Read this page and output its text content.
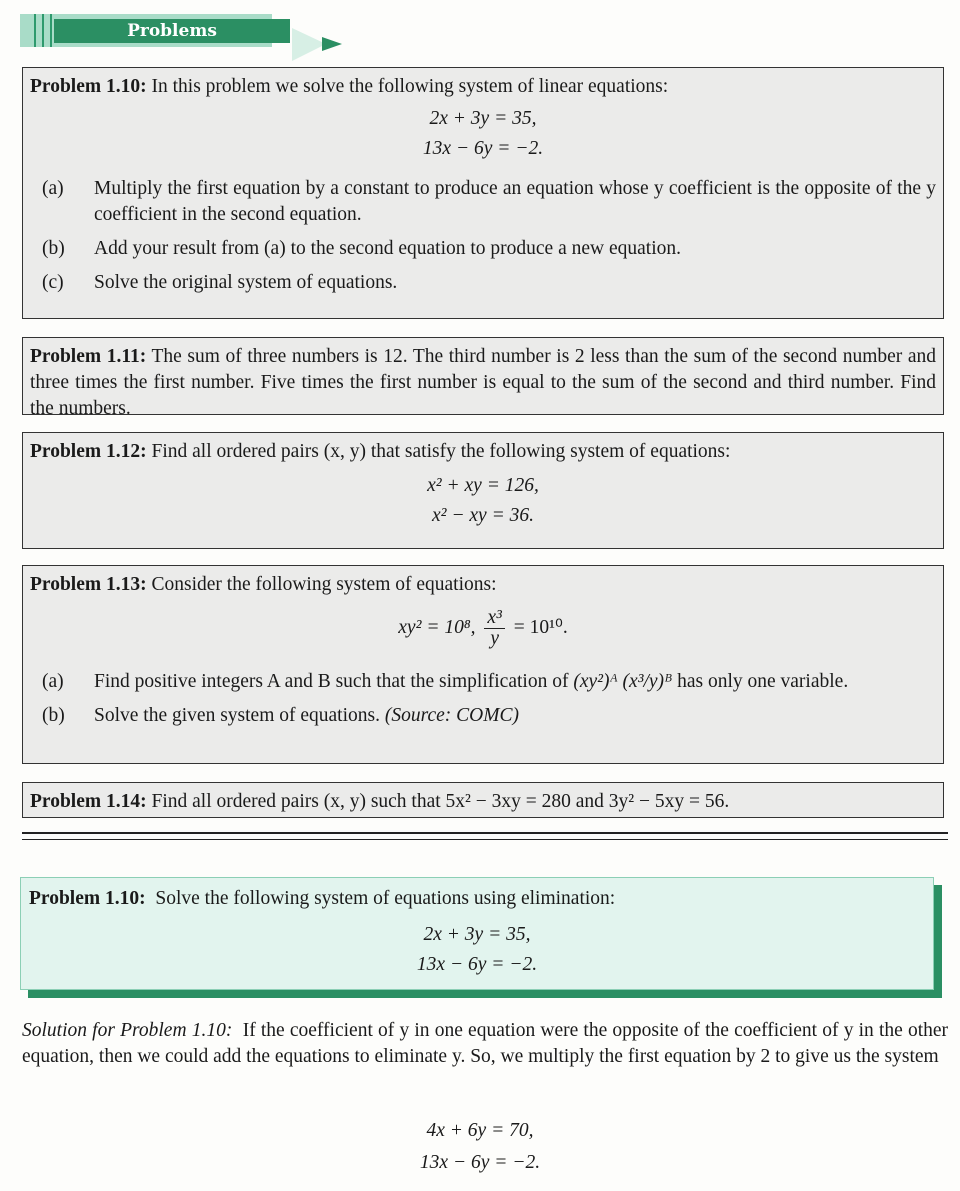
Problems
Problem 1.10: In this problem we solve the following system of linear equations:
2x + 3y = 35,
13x − 6y = −2.
(a)	Multiply the first equation by a constant to produce an equation whose y coefficient is the opposite of the y coefficient in the second equation.
(b)	Add your result from (a) to the second equation to produce a new equation.
(c)	Solve the original system of equations.
Problem 1.11: The sum of three numbers is 12. The third number is 2 less than the sum of the second number and three times the first number. Five times the first number is equal to the sum of the second and third number. Find the numbers.
Problem 1.12: Find all ordered pairs (x, y) that satisfy the following system of equations:
x² + xy = 126,
x² − xy = 36.
Problem 1.13: Consider the following system of equations:
xy² = 10⁸, $\frac{\text{x³}}{y} = 10^{10}$.
(a)	Find positive integers A and B such that the simplification of (xy²)ᴬ (x³/y)ᴮ has only one variable.
(b)	Solve the given system of equations. (Source: COMC)
Problem 1.14: Find all ordered pairs (x, y) such that 5x² − 3xy = 280 and 3y² − 5xy = 56.
Problem 1.10: Solve the following system of equations using elimination:
2x + 3y = 35,
13x − 6y = −2.
Solution for Problem 1.10: If the coefficient of y in one equation were the opposite of the coefficient of y in the other equation, then we could add the equations to eliminate y. So, we multiply the first equation by 2 to give us the system
4x + 6y = 70,
13x − 6y = −2.
